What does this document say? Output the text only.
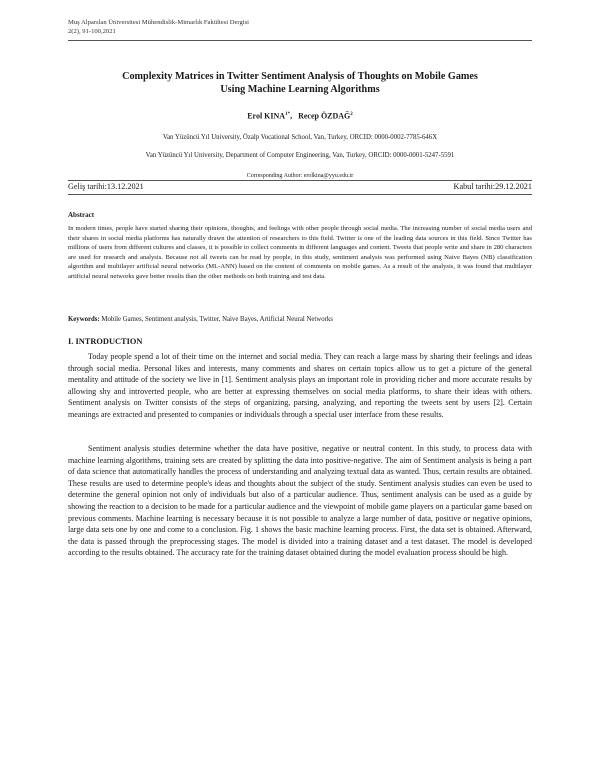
Muş Alparslan Üniversitesi Mühendislik-Mimarlık Fakültesi Dergisi
2(2), 91-100,2021
Complexity Matrices in Twitter Sentiment Analysis of Thoughts on Mobile Games
Using Machine Learning Algorithms
Erol $KINA^{1*}$,   Recep ÖZDAĞ$^2$
Van Yüzüncü Yıl University, Özalp Vocational School, Van, Turkey, ORCID: 0000-0002-7785-646X
Van Yüzüncü Yıl University, Department of Computer Engineering, Van, Turkey, ORCID: 0000-0001-5247-5591
Corresponding Author: erolkina@yyu.edu.tr
Geliş tarihi:13.12.2021	Kabul tarihi:29.12.2021
Abstract
In modern times, people have started sharing their opinions, thoughts, and feelings with other people through social media. The increasing number of social media users and their shares in social media platforms has naturally drawn the attention of researchers to this field. Twitter is one of the leading data sources in this field. Since Twitter has millions of users from different cultures and classes, it is possible to collect comments in different languages and content. Tweets that people write and share in 280 characters are used for research and analysis. Because not all tweets can be read by people, in this study, sentiment analysis was performed using Naive Bayes (NB) classification algorithm and multilayer artificial neural networks (ML-ANN) based on the content of comments on mobile games. As a result of the analysis, it was found that multilayer artificial neural networks gave better results than the other methods on both training and test data.
Keywords: Mobile Games, Sentiment analysis, Twitter, Naive Bayes, Artificial Neural Networks
I. INTRODUCTION

Today people spend a lot of their time on the internet and social media. They can reach a large mass by sharing their feelings and ideas through social media. Personal likes and interests, many comments and shares on certain topics allow us to get a picture of the general mentality and attitude of the society we live in [1]. Sentiment analysis plays an important role in providing richer and more accurate results by allowing shy and introverted people, who are better at expressing themselves on social media platforms, to share their ideas with others. Sentiment analysis on Twitter consists of the steps of organizing, parsing, analyzing, and reporting the tweets sent by users [2]. Certain meanings are extracted and presented to companies or individuals through a special user interface from these results.

Sentiment analysis studies determine whether the data have positive, negative or neutral content. In this study, to process data with machine learning algorithms, training sets are created by splitting the data into positive-negative. The aim of Sentiment analysis is being a part of data science that automatically handles the process of understanding and analyzing textual data as wanted. Thus, certain results are obtained. These results are used to determine people's ideas and thoughts about the subject of the study. Sentiment analysis studies can even be used to determine the general opinion not only of individuals but also of a particular audience. Thus, sentiment analysis can be used as a guide by showing the reaction to a decision to be made for a particular audience and the viewpoint of mobile game players on a particular game based on previous comments. Machine learning is necessary because it is not possible to analyze a large number of data, positive or negative opinions, large data sets one by one and come to a conclusion. Fig. 1 shows the basic machine learning process. First, the data set is obtained. Afterward, the data is passed through the preprocessing stages. The model is divided into a training dataset and a test dataset. The model is developed according to the results obtained. The accuracy rate for the training dataset obtained during the model evaluation process should be high.
